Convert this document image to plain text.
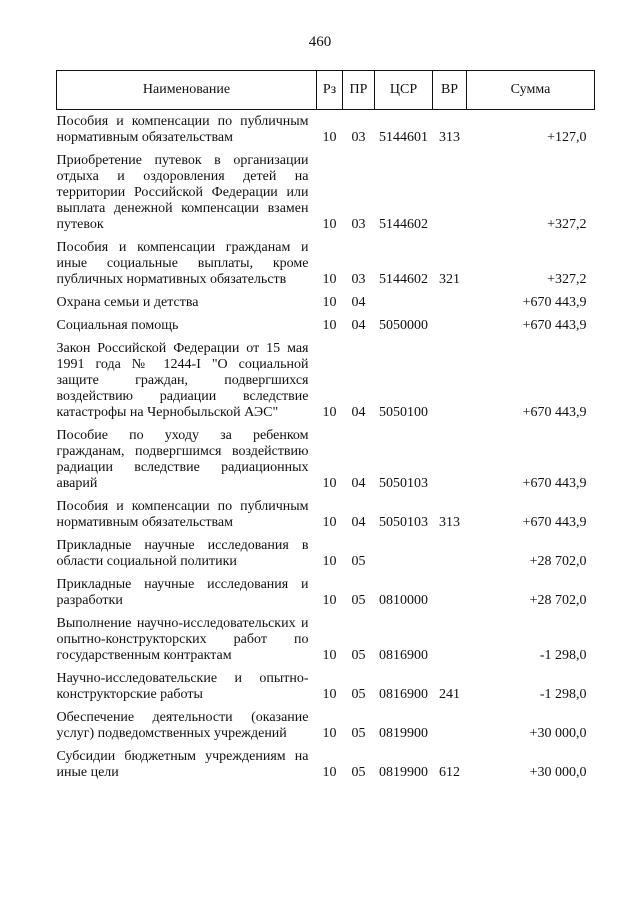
460
Наименование	Рз	ПР	ЦСР	ВР	Сумма
Пособия и компенсации по публичным нормативным обязательствам	10	03	5144601	313	+127,0
Приобретение путевок в организации отдыха и оздоровления детей на территории Российской Федерации или выплата денежной компенсации взамен путевок	10	03	5144602		+327,2
Пособия и компенсации гражданам и иные социальные выплаты, кроме публичных нормативных обязательств	10	03	5144602	321	+327,2
Охрана семьи и детства	10	04			+670 443,9
Социальная помощь	10	04	5050000		+670 443,9
Закон Российской Федерации от 15 мая 1991 года № 1244-I "О социальной защите граждан, подвергшихся воздействию радиации вследствие катастрофы на Чернобыльской АЭС"	10	04	5050100		+670 443,9
Пособие по уходу за ребенком гражданам, подвергшимся воздействию радиации вследствие радиационных аварий	10	04	5050103		+670 443,9
Пособия и компенсации по публичным нормативным обязательствам	10	04	5050103	313	+670 443,9
Прикладные научные исследования в области социальной политики	10	05			+28 702,0
Прикладные научные исследования и разработки	10	05	0810000		+28 702,0
Выполнение научно-исследовательских и опытно-конструкторских работ по государственным контрактам	10	05	0816900		-1 298,0
Научно-исследовательские и опытно-конструкторские работы	10	05	0816900	241	-1 298,0
Обеспечение деятельности (оказание услуг) подведомственных учреждений	10	05	0819900		+30 000,0
Субсидии бюджетным учреждениям на иные цели	10	05	0819900	612	+30 000,0
